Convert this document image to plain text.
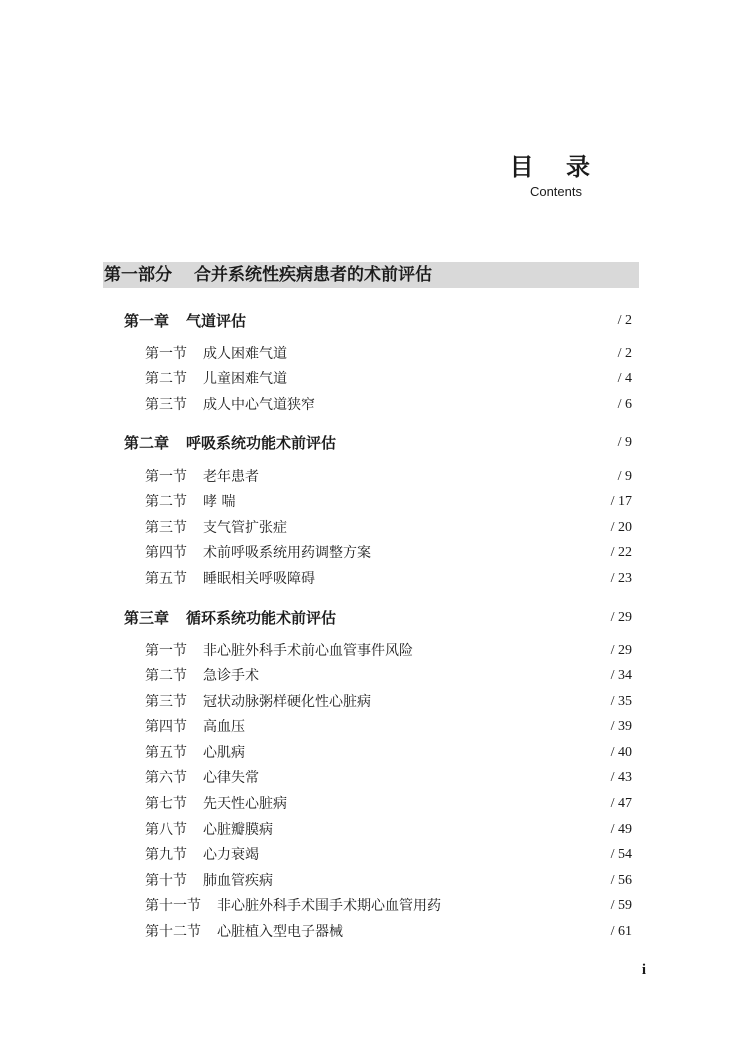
目 录
Contents
第一部分 合并系统性疾病患者的术前评估
第一章 气道评估	/ 2
第一节 成人困难气道	/ 2
第二节 儿童困难气道	/ 4
第三节 成人中心气道狭窄	/ 6
第二章 呼吸系统功能术前评估	/ 9
第一节 老年患者	/ 9
第二节 哮 喘	/ 17
第三节 支气管扩张症	/ 20
第四节 术前呼吸系统用药调整方案	/ 22
第五节 睡眠相关呼吸障碍	/ 23
第三章 循环系统功能术前评估	/ 29
第一节 非心脏外科手术前心血管事件风险	/ 29
第二节 急诊手术	/ 34
第三节 冠状动脉粥样硬化性心脏病	/ 35
第四节 高血压	/ 39
第五节 心肌病	/ 40
第六节 心律失常	/ 43
第七节 先天性心脏病	/ 47
第八节 心脏瓣膜病	/ 49
第九节 心力衰竭	/ 54
第十节 肺血管疾病	/ 56
第十一节 非心脏外科手术围手术期心血管用药	/ 59
第十二节 心脏植入型电子器械	/ 61
i
